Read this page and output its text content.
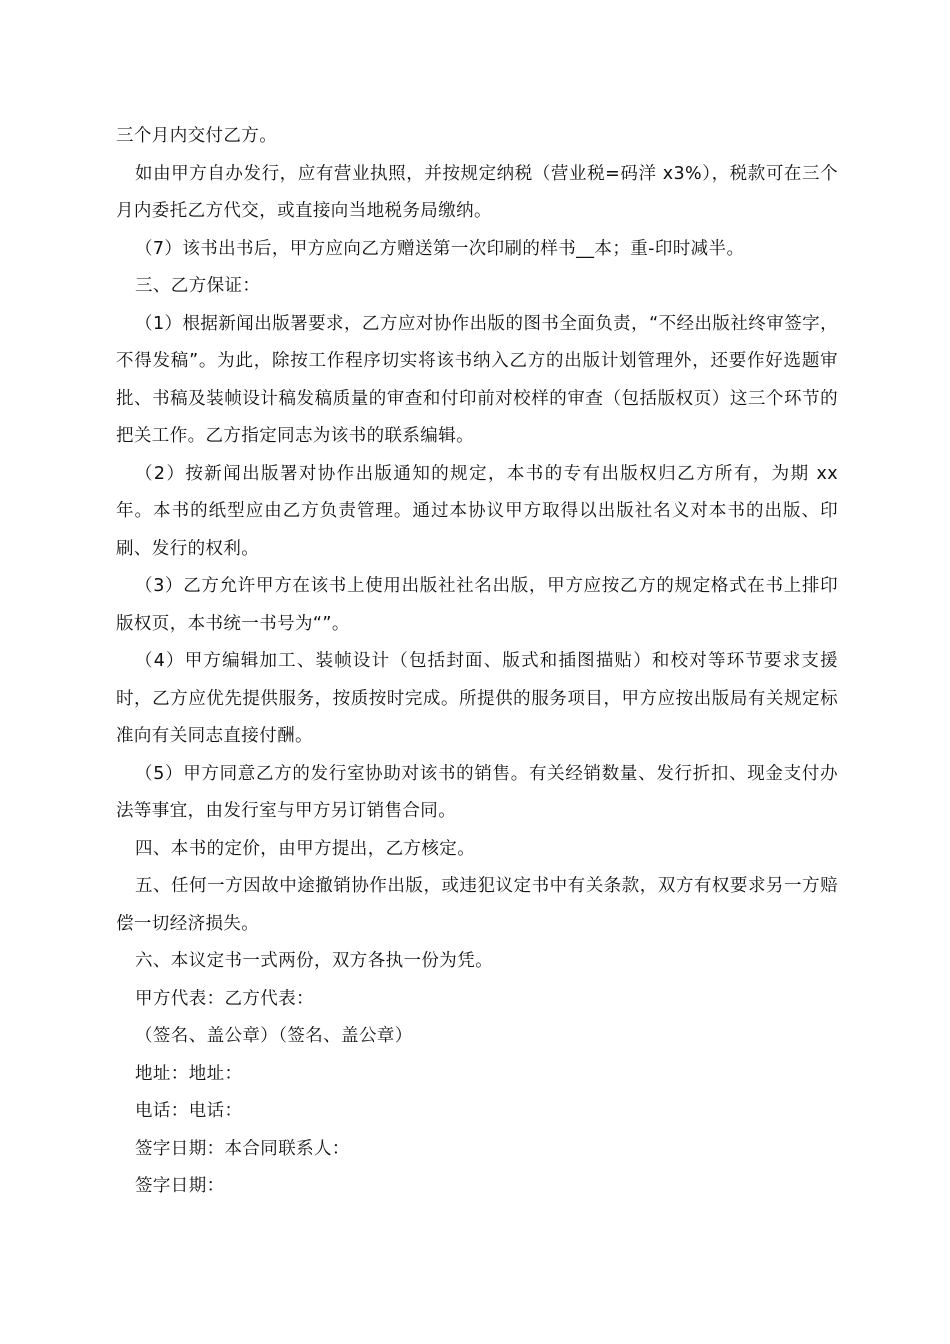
三个月内交付乙方。

如由甲方自办发行，应有营业执照，并按规定纳税（营业税=码洋 x3%），税款可在三个月内委托乙方代交，或直接向当地税务局缴纳。

（7）该书出书后，甲方应向乙方赠送第一次印刷的样书__本；重-印时减半。

三、乙方保证：

（1）根据新闻出版署要求，乙方应对协作出版的图书全面负责，“不经出版社终审签字，不得发稿”。为此，除按工作程序切实将该书纳入乙方的出版计划管理外，还要作好选题审批、书稿及装帧设计稿发稿质量的审查和付印前对校样的审查（包括版权页）这三个环节的把关工作。乙方指定同志为该书的联系编辑。

（2）按新闻出版署对协作出版通知的规定，本书的专有出版权归乙方所有，为期 xx 年。本书的纸型应由乙方负责管理。通过本协议甲方取得以出版社名义对本书的出版、印刷、发行的权利。

（3）乙方允许甲方在该书上使用出版社社名出版，甲方应按乙方的规定格式在书上排印版权页，本书统一书号为“”。

（4）甲方编辑加工、装帧设计（包括封面、版式和插图描贴）和校对等环节要求支援时，乙方应优先提供服务，按质按时完成。所提供的服务项目，甲方应按出版局有关规定标准向有关同志直接付酬。

（5）甲方同意乙方的发行室协助对该书的销售。有关经销数量、发行折扣、现金支付办法等事宜，由发行室与甲方另订销售合同。

四、本书的定价，由甲方提出，乙方核定。

五、任何一方因故中途撤销协作出版，或违犯议定书中有关条款，双方有权要求另一方赔偿一切经济损失。

六、本议定书一式两份，双方各执一份为凭。

甲方代表：乙方代表：

（签名、盖公章）（签名、盖公章）

地址：地址：

电话：电话：

签字日期：本合同联系人：

签字日期：
